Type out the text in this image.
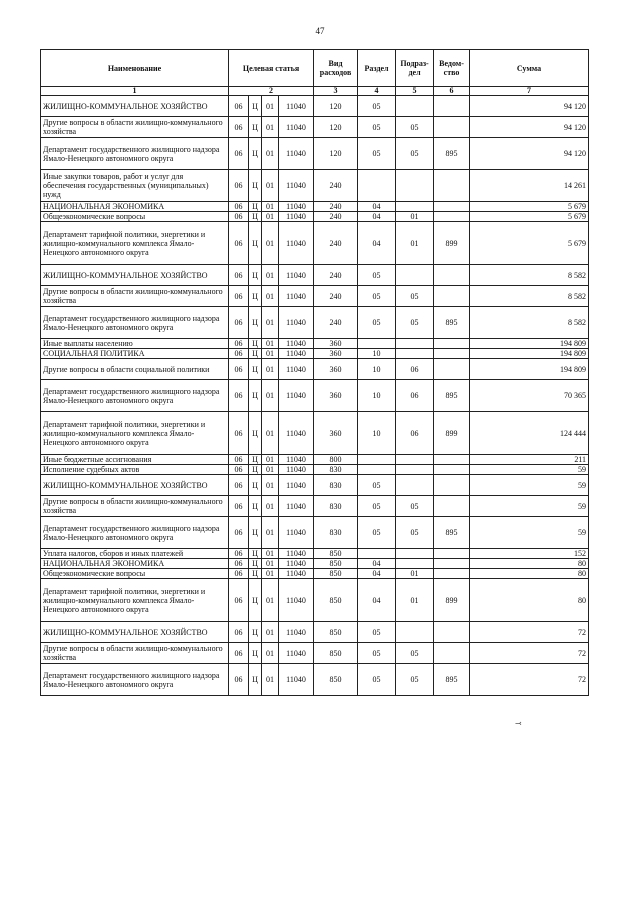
47
Наименование	Целевая статья				Вид расходов	Раздел	Подраз-дел	Ведом-ство	Сумма
1	2				3	4	5	6	7
ЖИЛИЩНО-КОММУНАЛЬНОЕ ХОЗЯЙСТВО	06	Ц	01	11040	120	05			94 120
Другие вопросы в области жилищно-коммунального хозяйства	06	Ц	01	11040	120	05	05		94 120
Департамент государственного жилищного надзора Ямало-Ненецкого автономного округа	06	Ц	01	11040	120	05	05	895	94 120
Иные закупки товаров, работ и услуг для обеспечения государственных (муниципальных) нужд	06	Ц	01	11040	240				14 261
НАЦИОНАЛЬНАЯ ЭКОНОМИКА	06	Ц	01	11040	240	04			5 679
Общеэкономические вопросы	06	Ц	01	11040	240	04	01		5 679
Департамент тарифной политики, энергетики и жилищно-коммунального комплекса Ямало-Ненецкого автономного округа	06	Ц	01	11040	240	04	01	899	5 679
ЖИЛИЩНО-КОММУНАЛЬНОЕ ХОЗЯЙСТВО	06	Ц	01	11040	240	05			8 582
Другие вопросы в области жилищно-коммунального хозяйства	06	Ц	01	11040	240	05	05		8 582
Департамент государственного жилищного надзора Ямало-Ненецкого автономного округа	06	Ц	01	11040	240	05	05	895	8 582
Иные выплаты населению	06	Ц	01	11040	360				194 809
СОЦИАЛЬНАЯ ПОЛИТИКА	06	Ц	01	11040	360	10			194 809
Другие вопросы в области социальной политики	06	Ц	01	11040	360	10	06		194 809
Департамент государственного жилищного надзора Ямало-Ненецкого автономного округа	06	Ц	01	11040	360	10	06	895	70 365
Департамент тарифной политики, энергетики и жилищно-коммунального комплекса Ямало-Ненецкого автономного округа	06	Ц	01	11040	360	10	06	899	124 444
Иные бюджетные ассигнования	06	Ц	01	11040	800				211
Исполнение судебных актов	06	Ц	01	11040	830				59
ЖИЛИЩНО-КОММУНАЛЬНОЕ ХОЗЯЙСТВО	06	Ц	01	11040	830	05			59
Другие вопросы в области жилищно-коммунального хозяйства	06	Ц	01	11040	830	05	05		59
Департамент государственного жилищного надзора Ямало-Ненецкого автономного округа	06	Ц	01	11040	830	05	05	895	59
Уплата налогов, сборов и иных платежей	06	Ц	01	11040	850				152
НАЦИОНАЛЬНАЯ ЭКОНОМИКА	06	Ц	01	11040	850	04			80
Общеэкономические вопросы	06	Ц	01	11040	850	04	01		80
Департамент тарифной политики, энергетики и жилищно-коммунального комплекса Ямало-Ненецкого автономного округа	06	Ц	01	11040	850	04	01	899	80
ЖИЛИЩНО-КОММУНАЛЬНОЕ ХОЗЯЙСТВО	06	Ц	01	11040	850	05			72
Другие вопросы в области жилищно-коммунального хозяйства	06	Ц	01	11040	850	05	05		72
Департамент государственного жилищного надзора Ямало-Ненецкого автономного округа	06	Ц	01	11040	850	05	05	895	72
⤙
